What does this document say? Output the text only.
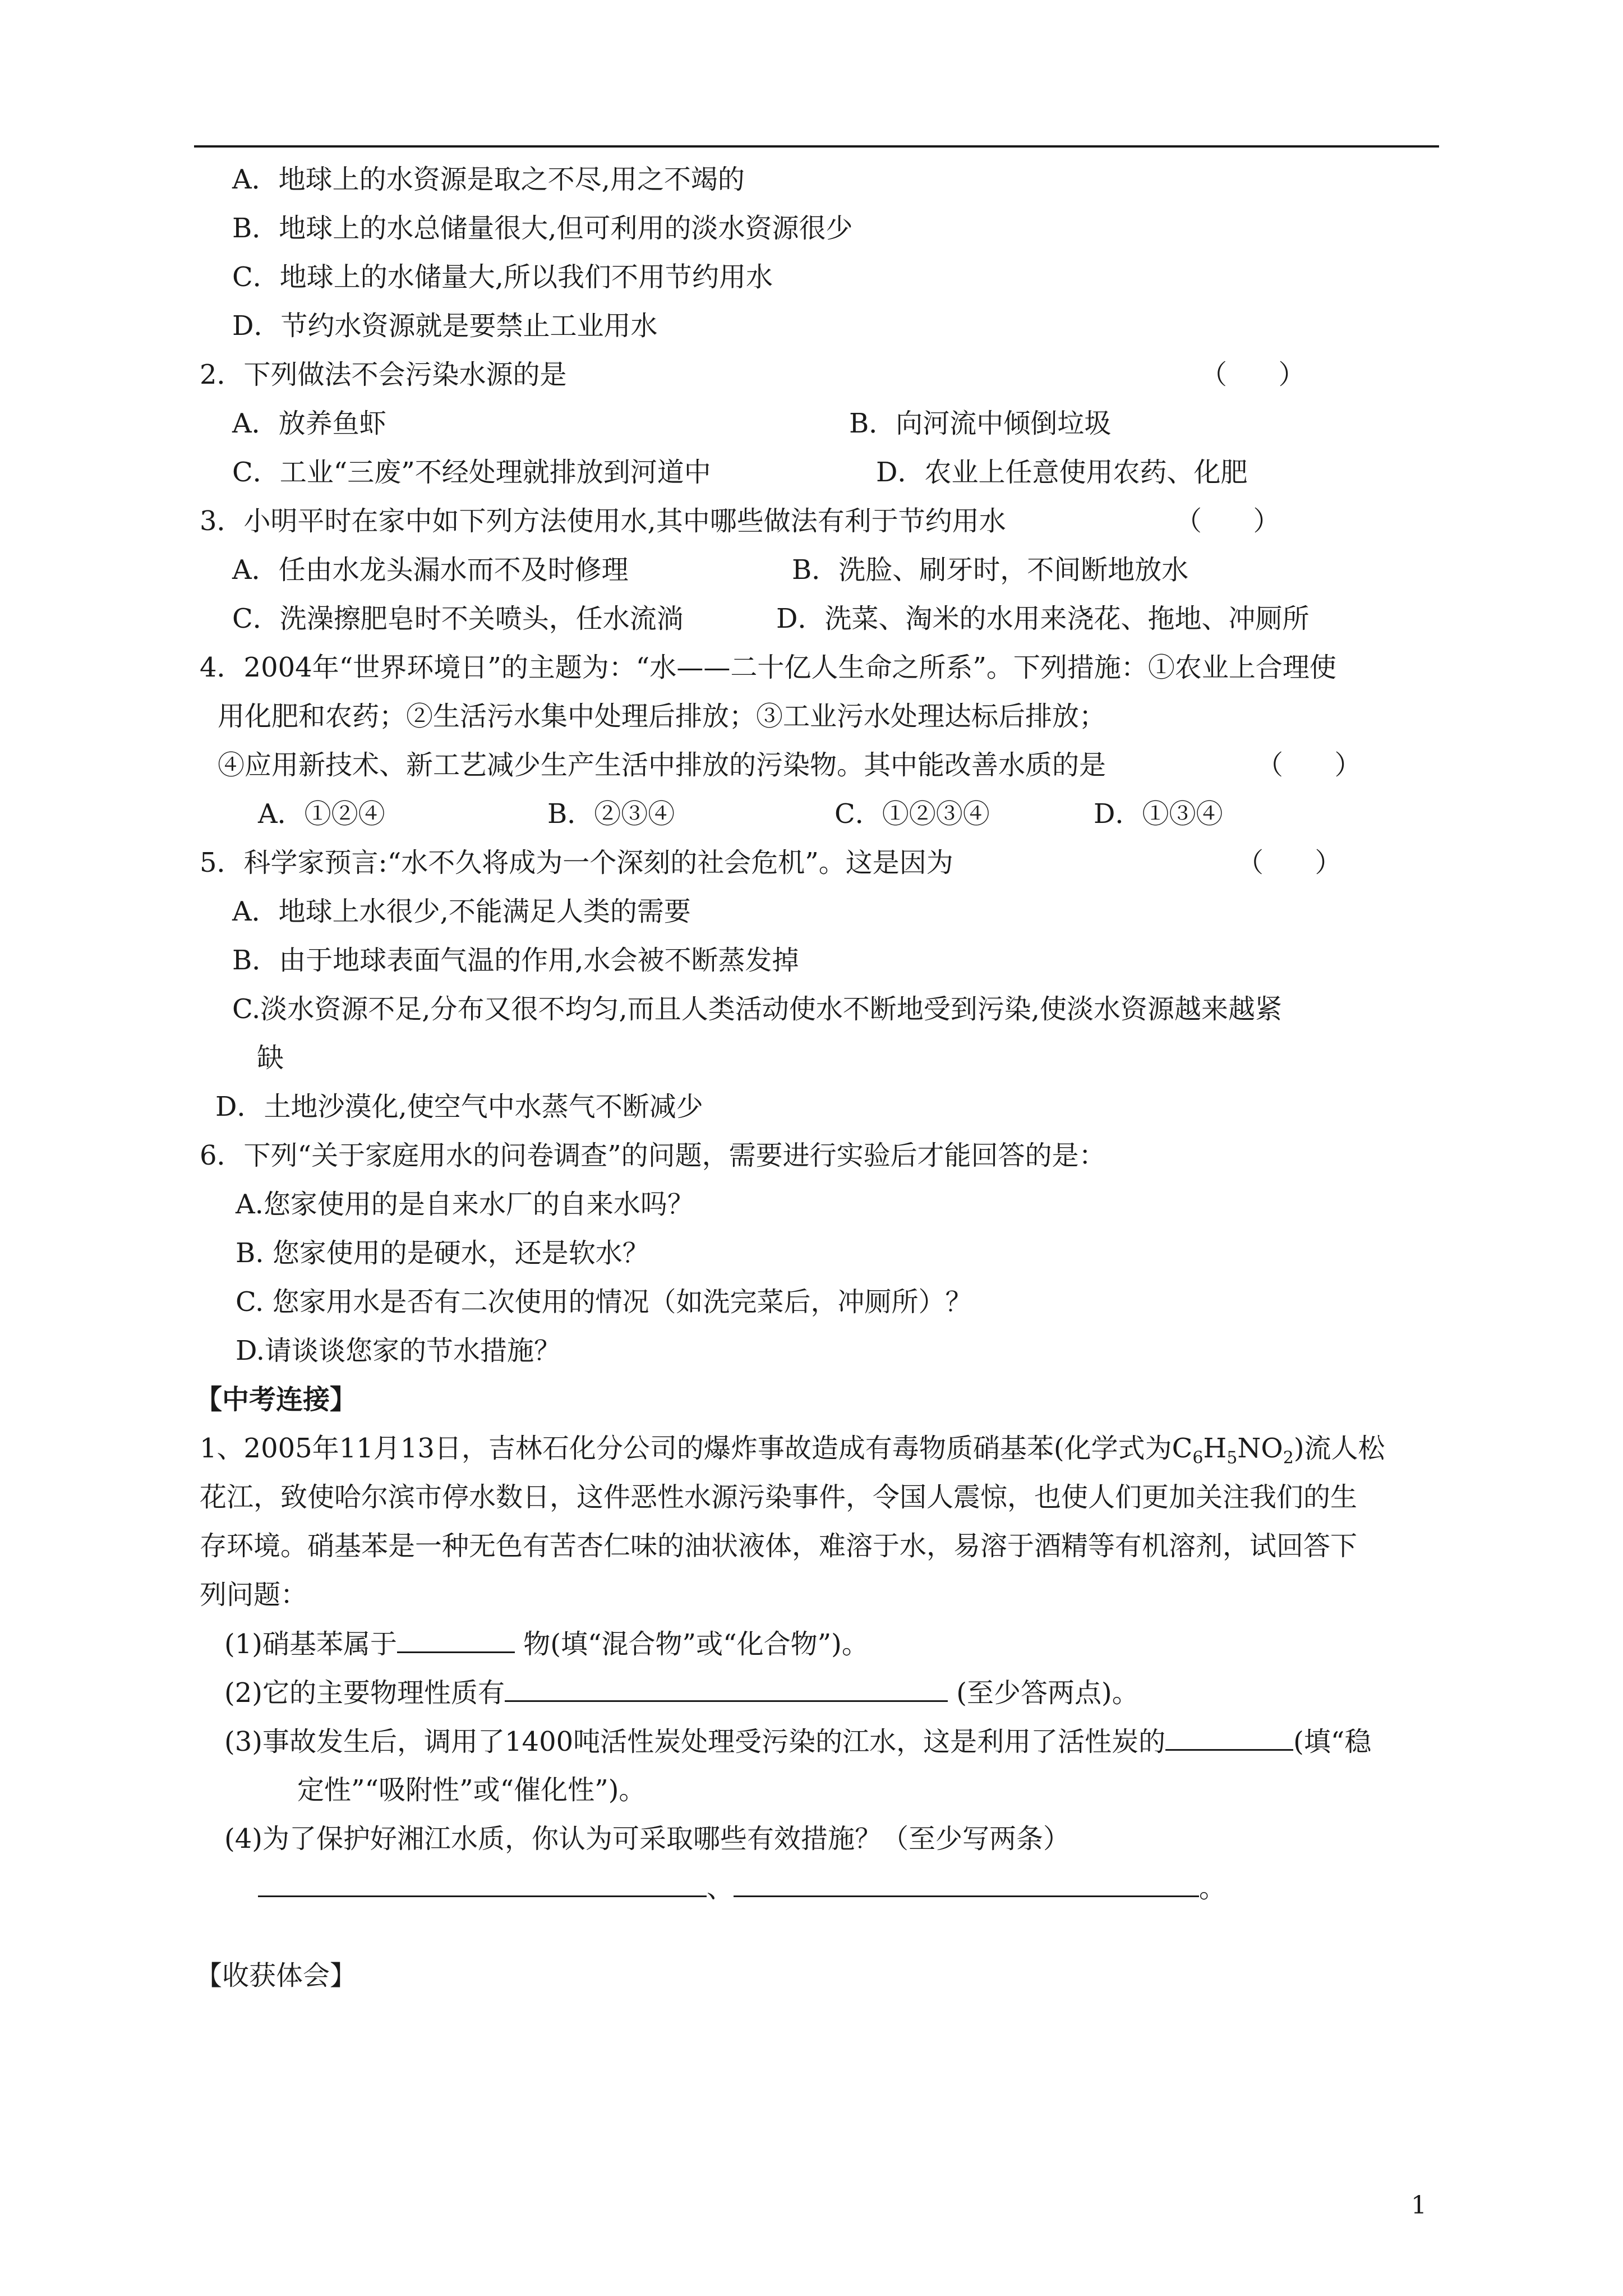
A．地球上的水资源是取之不尽,用之不竭的
B．地球上的水总储量很大,但可利用的淡水资源很少
C．地球上的水储量大,所以我们不用节约用水
D．节约水资源就是要禁止工业用水
2．下列做法不会污染水源的是	（      ）
A．放养鱼虾	B．向河流中倾倒垃圾
C．工业“三废”不经处理就排放到河道中	D．农业上任意使用农药、化肥
3．小明平时在家中如下列方法使用水,其中哪些做法有利于节约用水	（      ）
A．任由水龙头漏水而不及时修理	B．洗脸、刷牙时，不间断地放水
C．洗澡擦肥皂时不关喷头，任水流淌	D．洗菜、淘米的水用来浇花、拖地、冲厕所
4．2004年“世界环境日”的主题为：“水——二十亿人生命之所系”。下列措施：①农业上合理使
用化肥和农药；②生活污水集中处理后排放；③工业污水处理达标后排放；
④应用新技术、新工艺减少生产生活中排放的污染物。其中能改善水质的是	（      ）
A．①②④	B．②③④	C．①②③④	D．①③④
5．科学家预言:“水不久将成为一个深刻的社会危机”。这是因为	（      ）
A．地球上水很少,不能满足人类的需要
B．由于地球表面气温的作用,水会被不断蒸发掉
C.淡水资源不足,分布又很不均匀,而且人类活动使水不断地受到污染,使淡水资源越来越紧
缺
D．土地沙漠化,使空气中水蒸气不断减少
6．下列“关于家庭用水的问卷调查”的问题，需要进行实验后才能回答的是：
A.您家使用的是自来水厂的自来水吗？
B. 您家使用的是硬水，还是软水？
C. 您家用水是否有二次使用的情况（如洗完菜后，冲厕所）？
D.请谈谈您家的节水措施？
【中考连接】
1、2005年11月13日，吉林石化分公司的爆炸事故造成有毒物质硝基苯(化学式为$C_6H_5NO_2$)流人松
花江，致使哈尔滨市停水数日，这件恶性水源污染事件，令国人震惊，也使人们更加关注我们的生
存环境。硝基苯是一种无色有苦杏仁味的油状液体，难溶于水，易溶于酒精等有机溶剂，试回答下
列问题：
(1)硝基苯属于	物(填“混合物”或“化合物”)。
(2)它的主要物理性质有	(至少答两点)。
(3)事故发生后，调用了1400吨活性炭处理受污染的江水，这是利用了活性炭的	(填“稳
定性”“吸附性”或“催化性”)。
(4)为了保护好湘江水质，你认为可采取哪些有效措施？（至少写两条）
、	。
【收获体会】
1
